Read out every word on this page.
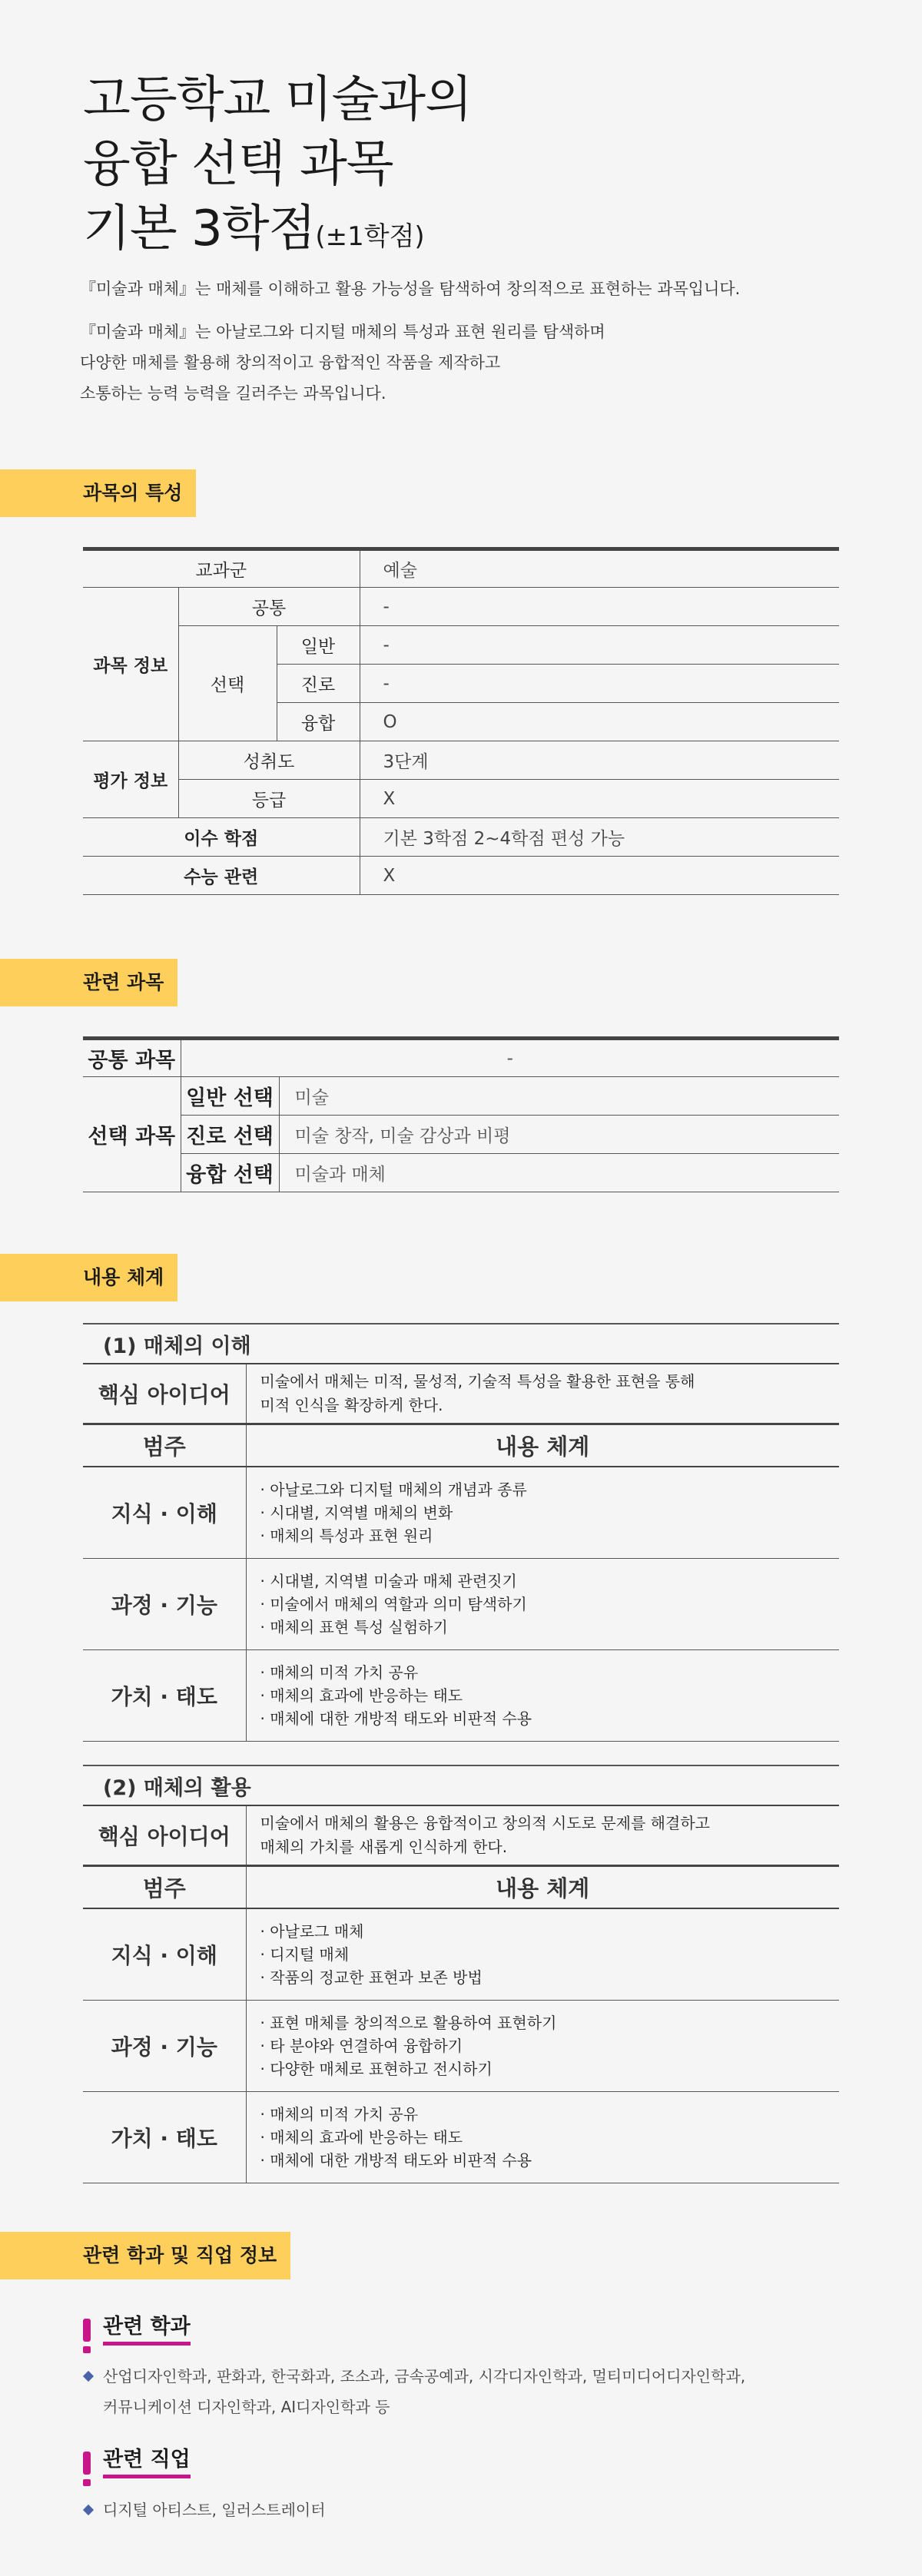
고등학교 미술과의
융합 선택 과목
기본 3학점(±1학점)
『미술과 매체』는 매체를 이해하고 활용 가능성을 탐색하여 창의적으로 표현하는 과목입니다.
『미술과 매체』는 아날로그와 디지털 매체의 특성과 표현 원리를 탐색하며
다양한 매체를 활용해 창의적이고 융합적인 작품을 제작하고
소통하는 능력 능력을 길러주는 과목입니다.
과목의 특성
교과군			예술
과목 정보	공통		-
	선택	일반	-
		진로	-
		융합	O
평가 정보	성취도		3단계
	등급		X
이수 학점			기본 3학점 2~4학점 편성 가능
수능 관련			X
관련 과목
공통 과목	-	
선택 과목	일반 선택	미술
	진로 선택	미술 창작, 미술 감상과 비평
	융합 선택	미술과 매체
내용 체계
(1) 매체의 이해	
핵심 아이디어	미술에서 매체는 미적, 물성적, 기술적 특성을 활용한 표현을 통해
미적 인식을 확장하게 한다.

범주	내용 체계
지식 · 이해	· 아날로그와 디지털 매체의 개념과 종류
· 시대별, 지역별 매체의 변화
· 매체의 특성과 표현 원리

과정 · 기능	· 시대별, 지역별 미술과 매체 관련짓기
· 미술에서 매체의 역할과 의미 탐색하기
· 매체의 표현 특성 실험하기

가치 · 태도	· 매체의 미적 가치 공유
· 매체의 효과에 반응하는 태도
· 매체에 대한 개방적 태도와 비판적 수용
(2) 매체의 활용	
핵심 아이디어	미술에서 매체의 활용은 융합적이고 창의적 시도로 문제를 해결하고
매체의 가치를 새롭게 인식하게 한다.

범주	내용 체계
지식 · 이해	· 아날로그 매체
· 디지털 매체
· 작품의 정교한 표현과 보존 방법

과정 · 기능	· 표현 매체를 창의적으로 활용하여 표현하기
· 타 분야와 연결하여 융합하기
· 다양한 매체로 표현하고 전시하기

가치 · 태도	· 매체의 미적 가치 공유
· 매체의 효과에 반응하는 태도
· 매체에 대한 개방적 태도와 비판적 수용
관련 학과 및 직업 정보
관련 학과
산업디자인학과, 판화과, 한국화과, 조소과, 금속공예과, 시각디자인학과, 멀티미디어디자인학과,
커뮤니케이션 디자인학과, AI디자인학과 등
관련 직업
디지털 아티스트, 일러스트레이터
